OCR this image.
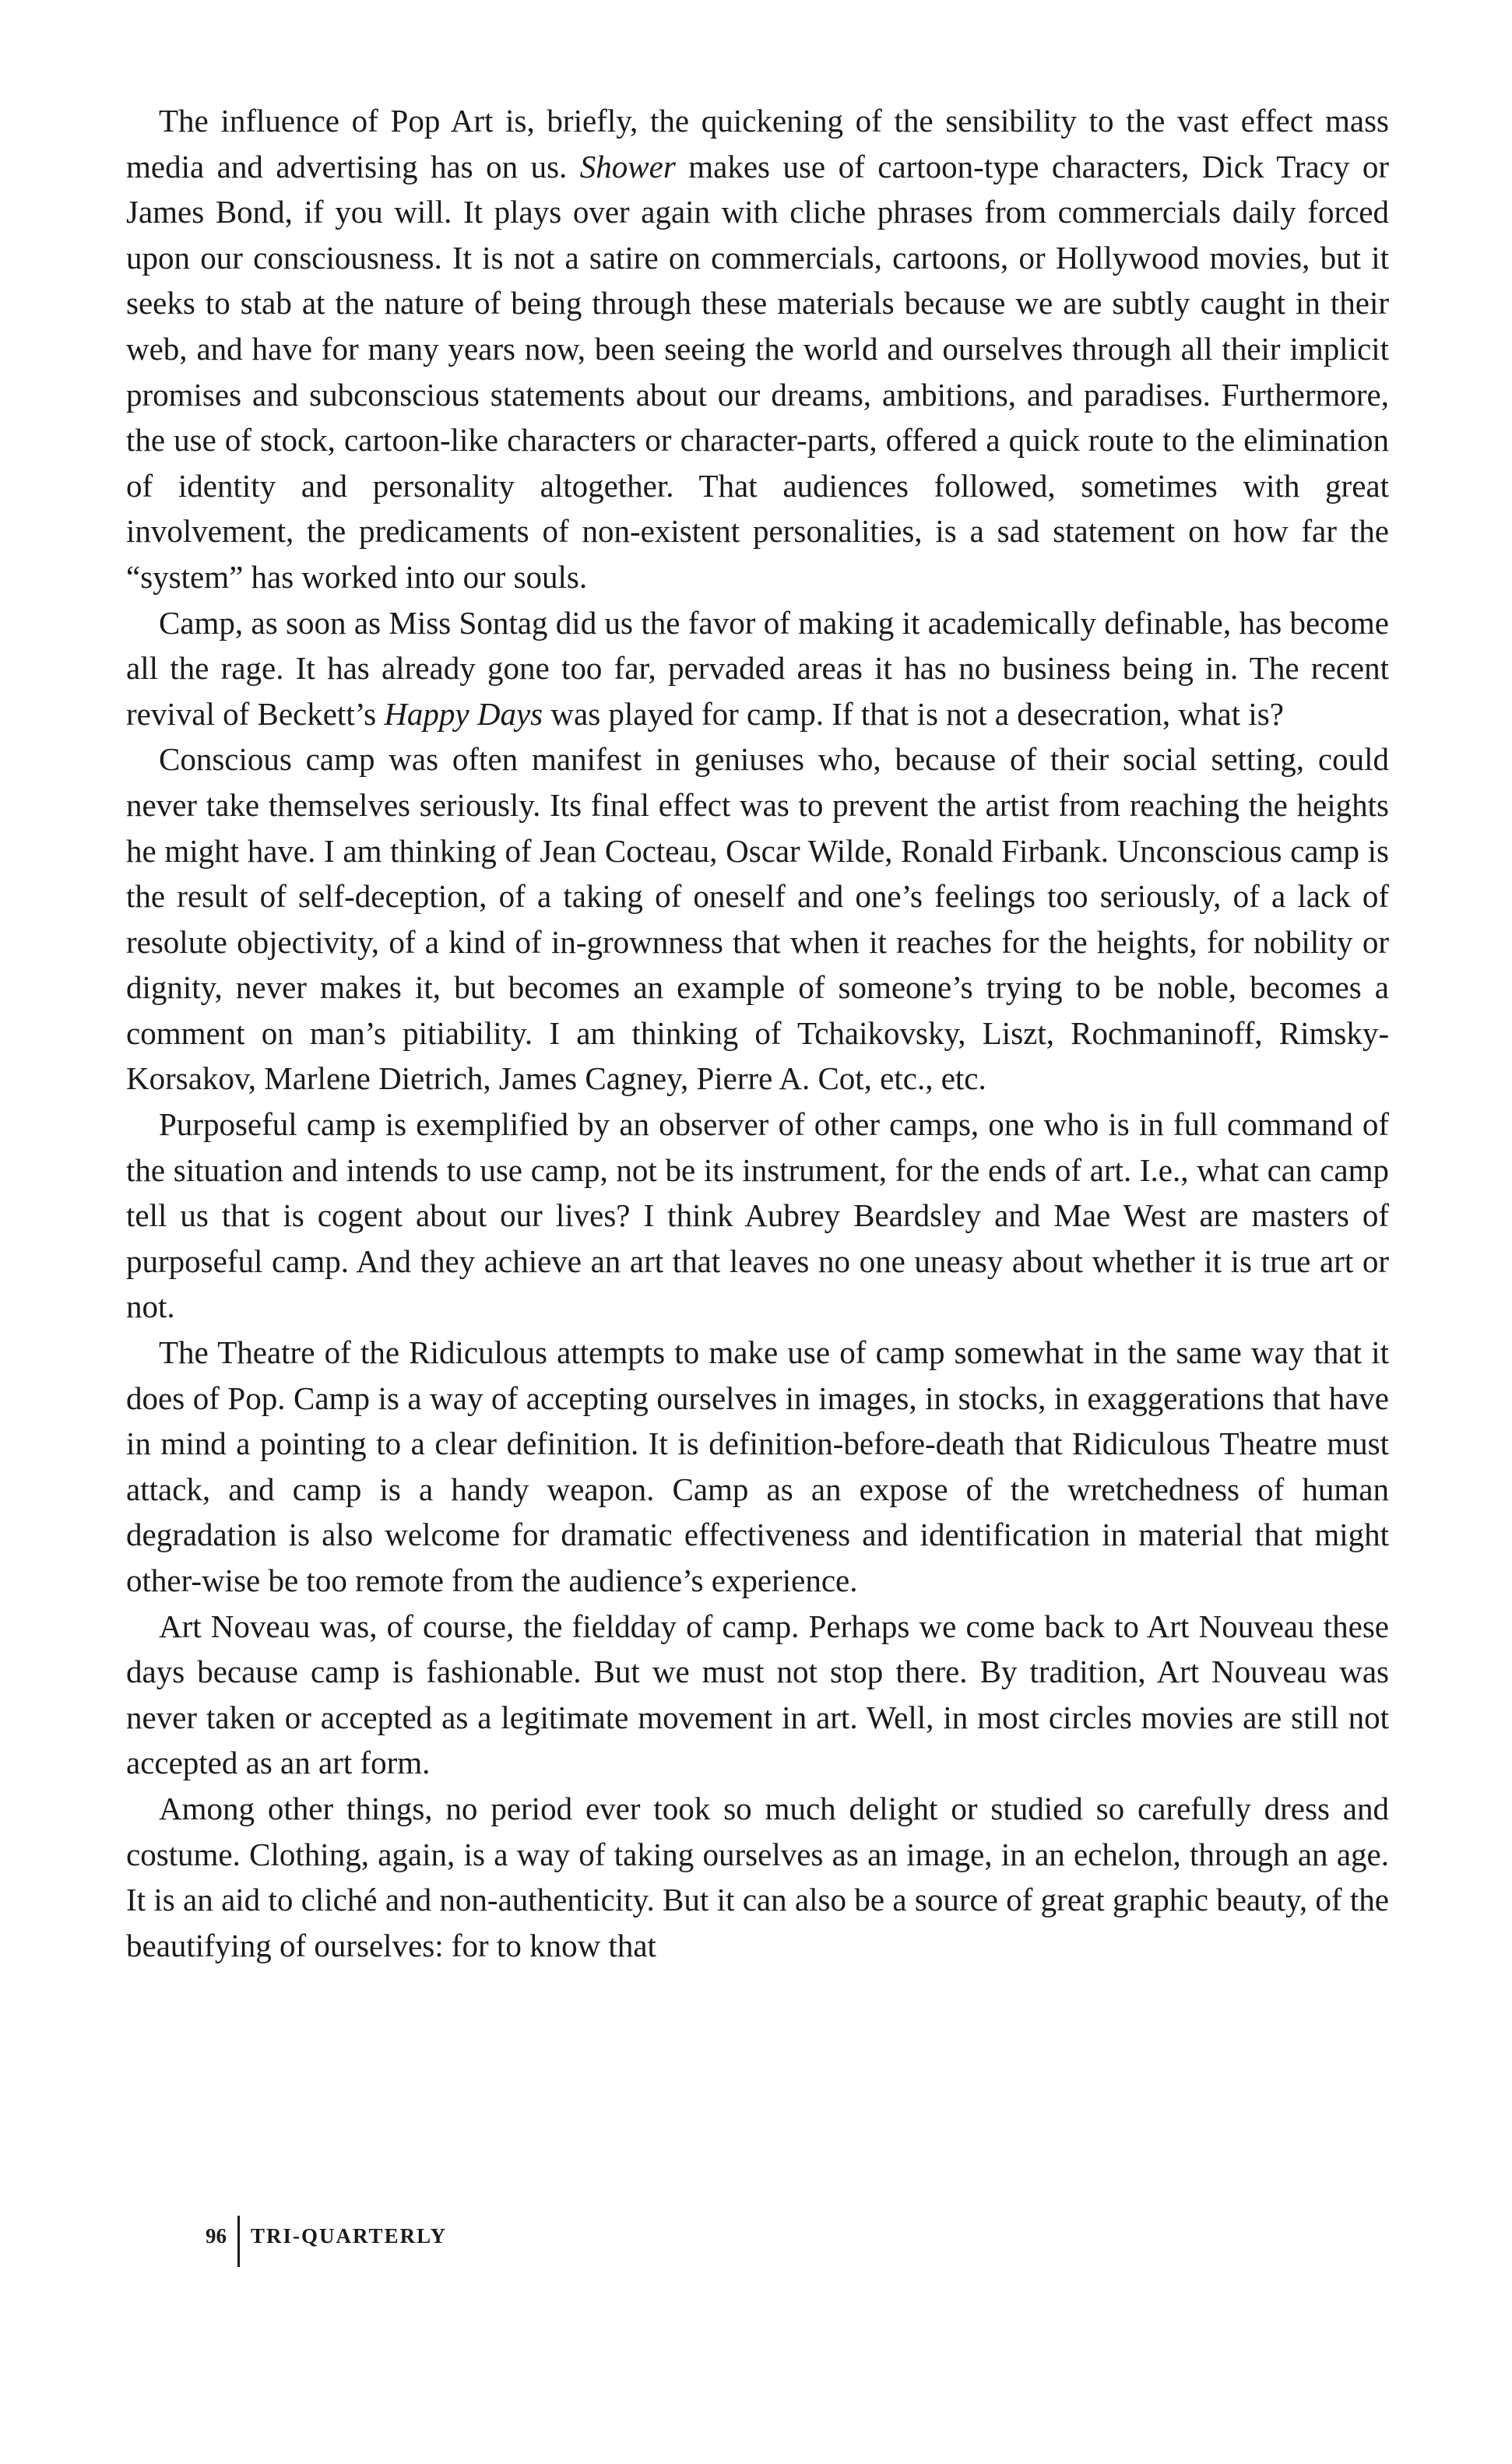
The influence of Pop Art is, briefly, the quickening of the sensibility to the vast effect mass media and advertising has on us. Shower makes use of cartoon-type characters, Dick Tracy or James Bond, if you will. It plays over again with cliche phrases from commercials daily forced upon our consciousness. It is not a satire on commercials, cartoons, or Hollywood movies, but it seeks to stab at the nature of being through these materials because we are subtly caught in their web, and have for many years now, been seeing the world and ourselves through all their implicit promises and subconscious statements about our dreams, ambitions, and paradises. Furthermore, the use of stock, cartoon-like characters or character-parts, offered a quick route to the elimination of identity and personality altogether. That audiences followed, sometimes with great involvement, the predicaments of non-existent personalities, is a sad statement on how far the “system” has worked into our souls.

Camp, as soon as Miss Sontag did us the favor of making it academically definable, has become all the rage. It has already gone too far, pervaded areas it has no business being in. The recent revival of Beckett’s Happy Days was played for camp. If that is not a desecration, what is?

Conscious camp was often manifest in geniuses who, because of their social setting, could never take themselves seriously. Its final effect was to prevent the artist from reaching the heights he might have. I am thinking of Jean Cocteau, Oscar Wilde, Ronald Firbank. Unconscious camp is the result of self-deception, of a taking of oneself and one’s feelings too seriously, of a lack of resolute objectivity, of a kind of in-grownness that when it reaches for the heights, for nobility or dignity, never makes it, but becomes an example of someone’s trying to be noble, becomes a comment on man’s pitiability. I am thinking of Tchaikovsky, Liszt, Rochmaninoff, Rimsky-Korsakov, Marlene Dietrich, James Cagney, Pierre A. Cot, etc., etc.

Purposeful camp is exemplified by an observer of other camps, one who is in full command of the situation and intends to use camp, not be its instrument, for the ends of art. I.e., what can camp tell us that is cogent about our lives? I think Aubrey Beardsley and Mae West are masters of purposeful camp. And they achieve an art that leaves no one uneasy about whether it is true art or not.

The Theatre of the Ridiculous attempts to make use of camp somewhat in the same way that it does of Pop. Camp is a way of accepting ourselves in images, in stocks, in exaggerations that have in mind a pointing to a clear definition. It is definition-before-death that Ridiculous Theatre must attack, and camp is a handy weapon. Camp as an expose of the wretchedness of human degradation is also welcome for dramatic effectiveness and identification in material that might other-wise be too remote from the audience’s experience.

Art Noveau was, of course, the fieldday of camp. Perhaps we come back to Art Nouveau these days because camp is fashionable. But we must not stop there. By tradition, Art Nouveau was never taken or accepted as a legitimate movement in art. Well, in most circles movies are still not accepted as an art form.

Among other things, no period ever took so much delight or studied so carefully dress and costume. Clothing, again, is a way of taking ourselves as an image, in an echelon, through an age. It is an aid to cliché and non-authenticity. But it can also be a source of great graphic beauty, of the beautifying of ourselves: for to know that

96	TRI-QUARTERLY
